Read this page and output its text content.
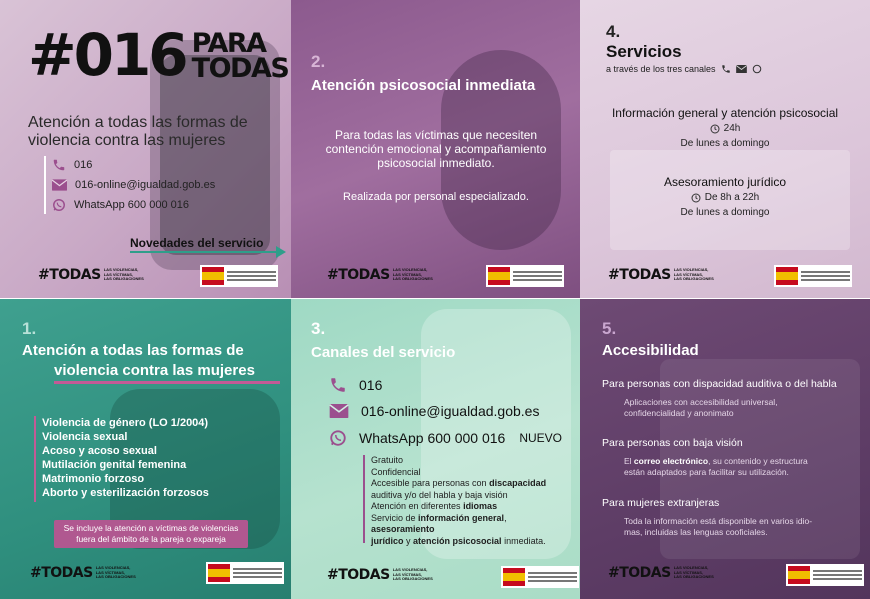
#016 PARA
TODAS
Atención a todas las formas de violencia contra las mujeres
016
016-online@igualdad.gob.es
WhatsApp 600 000 016
Novedades del servicio
#TODAS LAS VIOLENCIAS,
LAS VÍCTIMAS,
LAS OBLIGACIONES
2.
Atención psicosocial inmediata
Para todas las víctimas que necesiten contención emocional y acompañamiento psicosocial inmediato.
Realizada por personal especializado.
#TODAS LAS VIOLENCIAS,
LAS VÍCTIMAS,
LAS OBLIGACIONES
4.
Servicios
a través de los tres canales
Información general y atención psicosocial
24h
De lunes a domingo
Asesoramiento jurídico
De 8h a 22h
De lunes a domingo
#TODAS LAS VIOLENCIAS,
LAS VÍCTIMAS,
LAS OBLIGACIONES
1.
Atención a todas las formas de
violencia contra las mujeres
Violencia de género (LO 1/2004)
Violencia sexual
Acoso y acoso sexual
Mutilación genital femenina
Matrimonio forzoso
Aborto y esterilización forzosos
Se incluye la atención a víctimas de violencias
fuera del ámbito de la pareja o expareja
#TODAS LAS VIOLENCIAS,
LAS VÍCTIMAS,
LAS OBLIGACIONES
3.
Canales del servicio
016
016-online@igualdad.gob.es
WhatsApp 600 000 016 NUEVO
Gratuito
Confidencial
Accesible para personas con discapacidad
auditiva y/o del habla y baja visión
Atención en diferentes idiomas
Servicio de información general, asesoramiento
jurídico y atención psicosocial inmediata.
#TODAS LAS VIOLENCIAS,
LAS VÍCTIMAS,
LAS OBLIGACIONES
5.
Accesibilidad
Para personas con dispacidad auditiva o del habla
Aplicaciones con accesibilidad universal,
confidencialidad y anonimato
Para personas con baja visión
El correo electrónico, su contenido y estructura
están adaptados para facilitar su utilización.
Para mujeres extranjeras
Toda la información está disponible en varios idio-
mas, incluidas las lenguas cooficiales.
#TODAS LAS VIOLENCIAS,
LAS VÍCTIMAS,
LAS OBLIGACIONES
